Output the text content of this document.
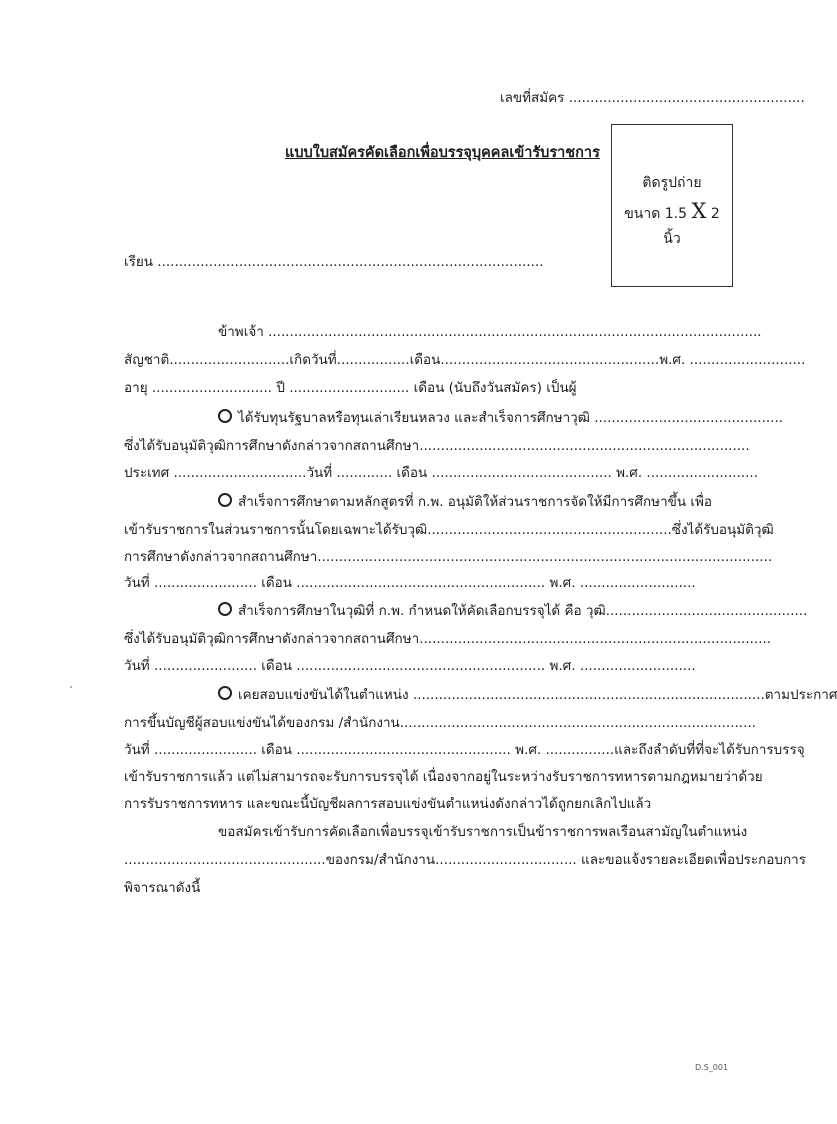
เลขที่สมัคร .......................................................
แบบใบสมัครคัดเลือกเพื่อบรรจุบุคคลเข้ารับราชการ
ติดรูปถ่าย
ขนาด 1.5 X 2
นิ้ว
เรียน ..........................................................................................
ข้าพเจ้า ...................................................................................................................
สัญชาติ............................เกิดวันที่.................เดือน...................................................พ.ศ. ...........................
อายุ ............................ ปี ............................ เดือน (นับถึงวันสมัคร) เป็นผู้
ได้รับทุนรัฐบาลหรือทุนเล่าเรียนหลวง และสำเร็จการศึกษาวุฒิ ............................................
ซึ่งได้รับอนุมัติวุฒิการศึกษาดังกล่าวจากสถานศึกษา.............................................................................
ประเทศ ...............................วันที่ ............. เดือน .......................................... พ.ศ. ..........................
สำเร็จการศึกษาตามหลักสูตรที่ ก.พ. อนุมัติให้ส่วนราชการจัดให้มีการศึกษาขึ้น เพื่อ
เข้ารับราชการในส่วนราชการนั้นโดยเฉพาะได้รับวุฒิ.........................................................ซึ่งได้รับอนุมัติวุฒิ
การศึกษาดังกล่าวจากสถานศึกษา..........................................................................................................
วันที่ ........................ เดือน .......................................................... พ.ศ. ...........................
สำเร็จการศึกษาในวุฒิที่ ก.พ. กำหนดให้คัดเลือกบรรจุได้ คือ วุฒิ...............................................
ซึ่งได้รับอนุมัติวุฒิการศึกษาดังกล่าวจากสถานศึกษา..................................................................................
วันที่ ........................ เดือน .......................................................... พ.ศ. ...........................
เคยสอบแข่งขันได้ในตำแหน่ง ..................................................................................ตามประกาศ
การขึ้นบัญชีผู้สอบแข่งขันได้ของกรม /สำนักงาน...................................................................................
วันที่ ........................ เดือน .................................................. พ.ศ. ................และถึงลำดับที่ที่จะได้รับการบรรจุ
เข้ารับราชการแล้ว แต่ไม่สามารถจะรับการบรรจุได้ เนื่องจากอยู่ในระหว่างรับราชการทหารตามกฎหมายว่าด้วย
การรับราชการทหาร และขณะนี้บัญชีผลการสอบแข่งขันตำแหน่งดังกล่าวได้ถูกยกเลิกไปแล้ว
ขอสมัครเข้ารับการคัดเลือกเพื่อบรรจุเข้ารับราชการเป็นข้าราชการพลเรือนสามัญในตำแหน่ง
...............................................ของกรม/สำนักงาน................................. และขอแจ้งรายละเอียดเพื่อประกอบการ
พิจารณาดังนี้
D.S_001
